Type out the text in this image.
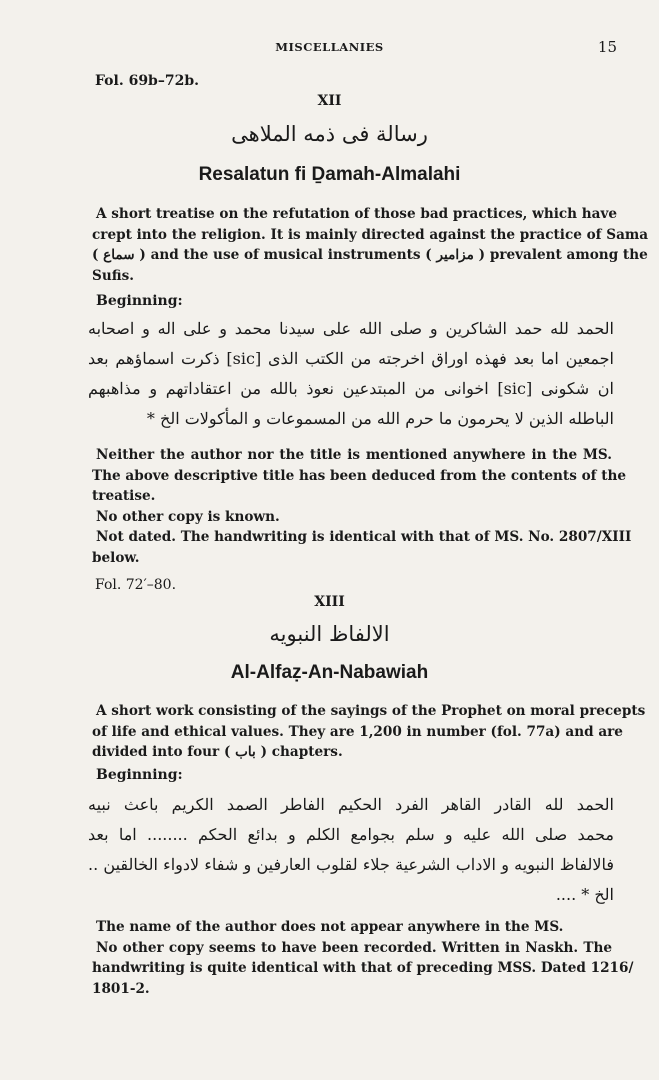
MISCELLANIES	15
Fol. 69b–72b.
XII
رسالة فی ذمه الملاهی
Resalatun fi Ḏamah-Almalahi
A short treatise on the refutation of those bad practices, which have
crept into the religion. It is mainly directed against the practice of Sama
( سماع ) and the use of musical instruments ( مزامیر ) prevalent among the
Sufis.
Beginning:
الحمد لله حمد الشاکرین و صلی الله علی سیدنا محمد و علی اله و اصحابه
اجمعین اما بعد فهذه اوراق اخرجته من الکتب الذی [sic] ذکرت اسماؤهم بعد
ان شکونی [sic] اخوانی من المبتدعین نعوذ بالله من اعتقاداتهم و مذاهبهم
الباطله الذین لا یحرمون ما حرم الله من المسموعات و المأکولات الخ *
Neither the author nor the title is mentioned anywhere in the MS.
The above descriptive title has been deduced from the contents of the
treatise.
No other copy is known.
Not dated. The handwriting is identical with that of MS. No. 2807/XIII
below.
Fol. 72′–80.
XIII
الالفاظ النبویه
Al-Alfaẓ-An-Nabawiah
A short work consisting of the sayings of the Prophet on moral precepts
of life and ethical values. They are 1,200 in number (fol. 77a) and are
divided into four ( باب ) chapters.
Beginning:
الحمد لله القادر القاهر الفرد الحکیم الفاطر الصمد الکریم باعث نبیه
محمد صلی الله علیه و سلم بجوامع الکلم و بدائع الحکم ........ اما بعد
فالالفاظ النبویه و الاداب الشرعیة جلاء لقلوب العارفین و شفاء لادواء الخالقین ..
الخ * ....
The name of the author does not appear anywhere in the MS.
No other copy seems to have been recorded. Written in Naskh. The
handwriting is quite identical with that of preceding MSS. Dated 1216/
1801-2.
